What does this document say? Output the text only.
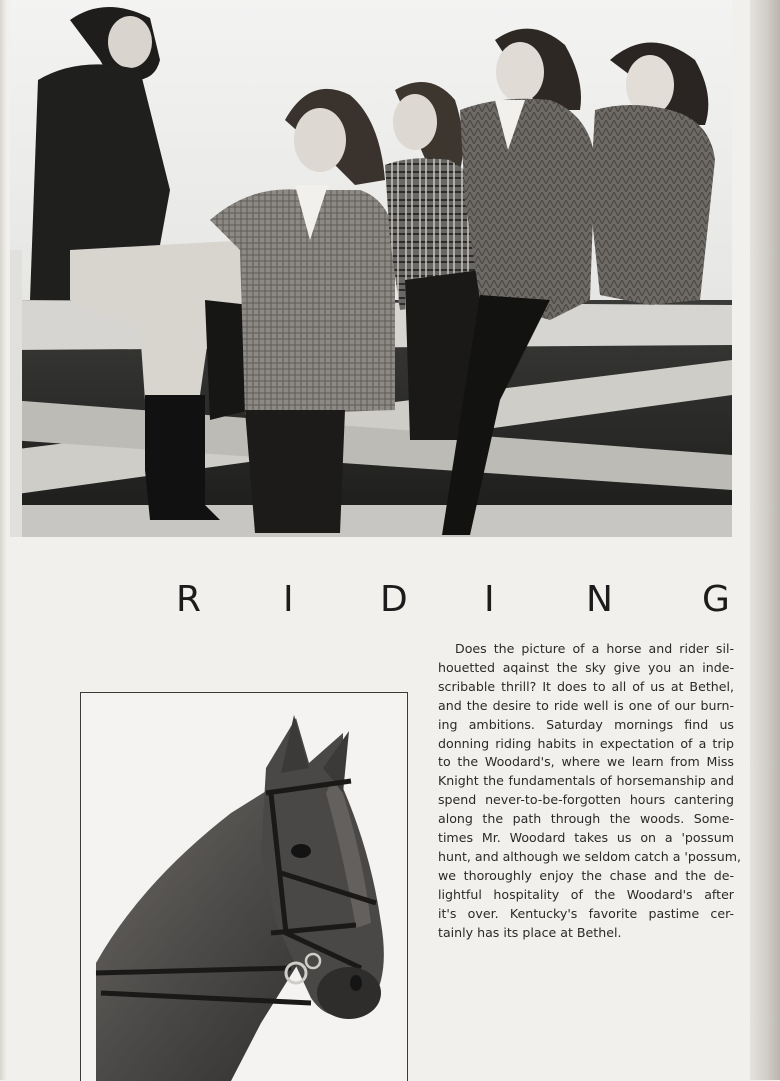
R I D I	N G
Does the picture of a horse and rider sil-
houetted aqainst the sky give you an inde-
scribable thrill? It does to all of us at Bethel,
and the desire to ride well is one of our burn-
ing ambitions. Saturday mornings find us
donning riding habits in expectation of a trip
to the Woodard's, where we learn from Miss
Knight the fundamentals of horsemanship and
spend never-to-be-forgotten hours cantering
along the path through the woods. Some-
times Mr. Woodard takes us on a 'possum
hunt, and although we seldom catch a 'possum,
we thoroughly enjoy the chase and the de-
lightful hospitality of the Woodard's after
it's over. Kentucky's favorite pastime cer-
tainly has its place at Bethel.
